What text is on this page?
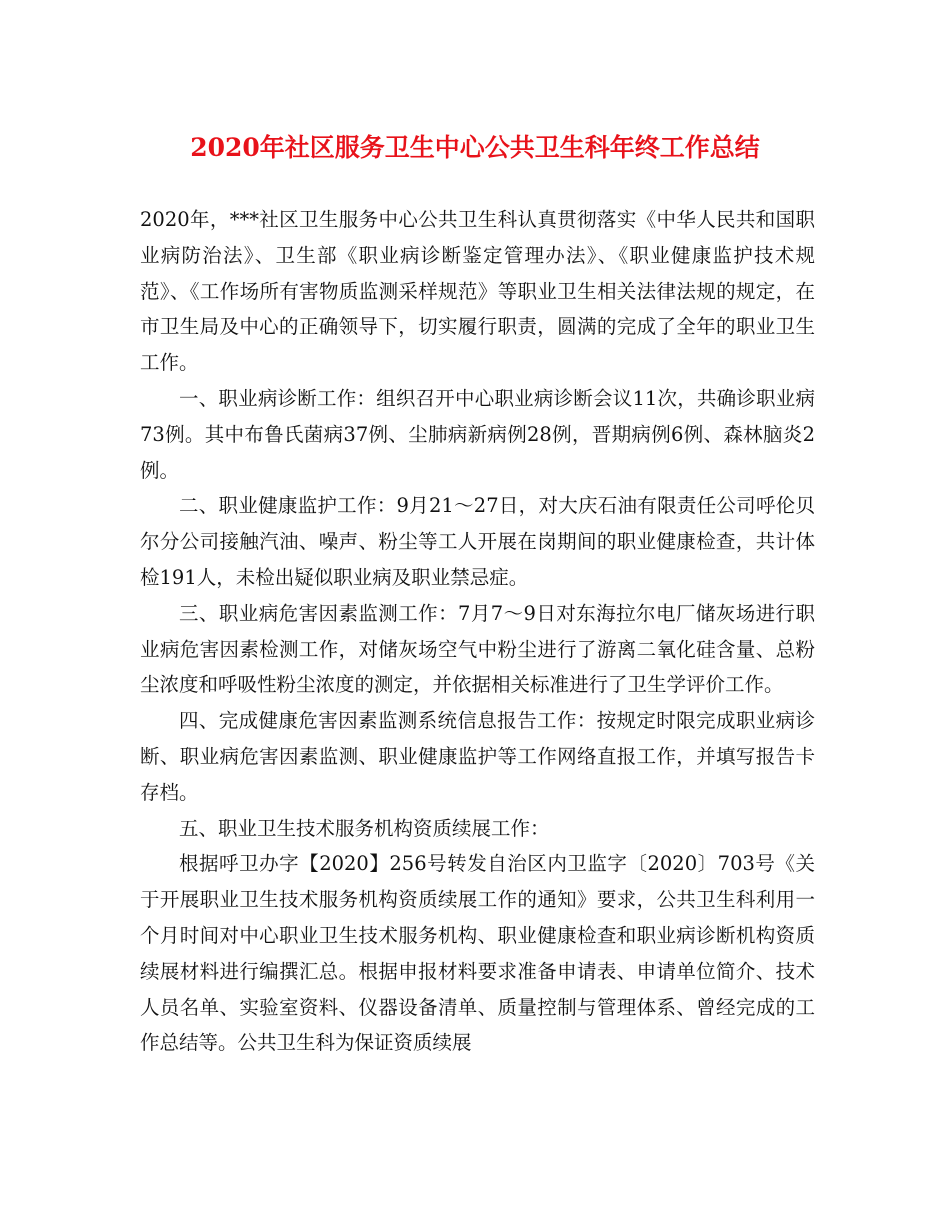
2020年社区服务卫生中心公共卫生科年终工作总结

2020年，***社区卫生服务中心公共卫生科认真贯彻落实《中华人民共和国职业病防治法》、卫生部《职业病诊断鉴定管理办法》、《职业健康监护技术规范》、《工作场所有害物质监测采样规范》等职业卫生相关法律法规的规定，在市卫生局及中心的正确领导下，切实履行职责，圆满的完成了全年的职业卫生工作。

一、职业病诊断工作：组织召开中心职业病诊断会议11次，共确诊职业病73例。其中布鲁氏菌病37例、尘肺病新病例28例，晋期病例6例、森林脑炎2例。

二、职业健康监护工作：9月21～27日，对大庆石油有限责任公司呼伦贝尔分公司接触汽油、噪声、粉尘等工人开展在岗期间的职业健康检查，共计体检191人，未检出疑似职业病及职业禁忌症。

三、职业病危害因素监测工作：7月7～9日对东海拉尔电厂储灰场进行职业病危害因素检测工作，对储灰场空气中粉尘进行了游离二氧化硅含量、总粉尘浓度和呼吸性粉尘浓度的测定，并依据相关标准进行了卫生学评价工作。

四、完成健康危害因素监测系统信息报告工作：按规定时限完成职业病诊断、职业病危害因素监测、职业健康监护等工作网络直报工作，并填写报告卡存档。

五、职业卫生技术服务机构资质续展工作：

根据呼卫办字【2020】256号转发自治区内卫监字〔2020〕703号《关于开展职业卫生技术服务机构资质续展工作的通知》要求，公共卫生科利用一个月时间对中心职业卫生技术服务机构、职业健康检查和职业病诊断机构资质续展材料进行编撰汇总。根据申报材料要求准备申请表、申请单位简介、技术人员名单、实验室资料、仪器设备清单、质量控制与管理体系、曾经完成的工作总结等。公共卫生科为保证资质续展
